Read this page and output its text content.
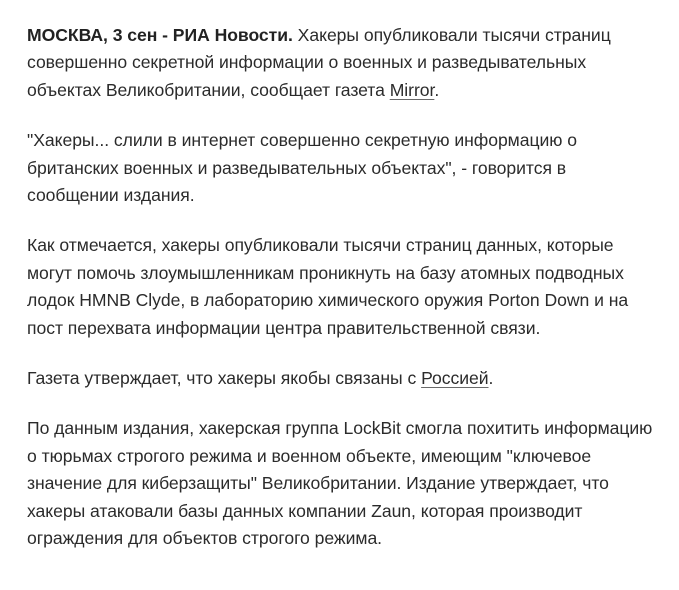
МОСКВА, 3 сен - РИА Новости. Хакеры опубликовали тысячи страниц совершенно секретной информации о военных и разведывательных объектах Великобритании, сообщает газета Mirror.

"Хакеры... слили в интернет совершенно секретную информацию о британских военных и разведывательных объектах", - говорится в сообщении издания.

Как отмечается, хакеры опубликовали тысячи страниц данных, которые могут помочь злоумышленникам проникнуть на базу атомных подводных лодок HMNB Clyde, в лабораторию химического оружия Porton Down и на пост перехвата информации центра правительственной связи.

Газета утверждает, что хакеры якобы связаны с Россией.

По данным издания, хакерская группа LockBit смогла похитить информацию о тюрьмах строгого режима и военном объекте, имеющим "ключевое значение для киберзащиты" Великобритании. Издание утверждает, что хакеры атаковали базы данных компании Zaun, которая производит ограждения для объектов строгого режима.
